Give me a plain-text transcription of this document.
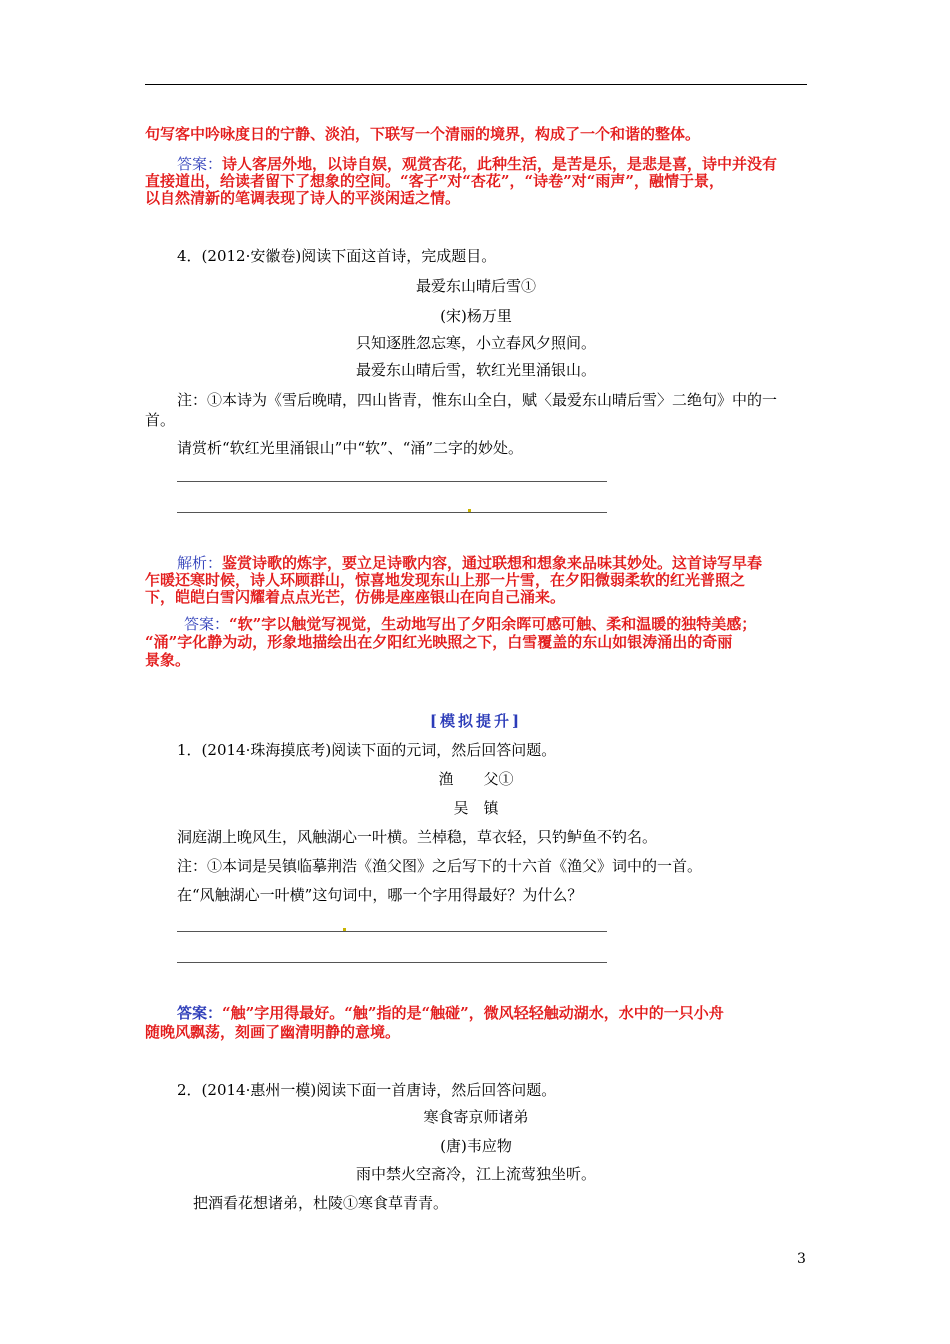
句写客中吟咏度日的宁静、淡泊，下联写一个清丽的境界，构成了一个和谐的整体。
答案：诗人客居外地，以诗自娱，观赏杏花，此种生活，是苦是乐，是悲是喜，诗中并没有
直接道出，给读者留下了想象的空间。“客子”对“杏花”，“诗卷”对“雨声”，融情于景，
以自然清新的笔调表现了诗人的平淡闲适之情。
4．(2012·安徽卷)阅读下面这首诗，完成题目。
最爱东山晴后雪①
(宋)杨万里
只知逐胜忽忘寒，小立春风夕照间。
最爱东山晴后雪，软红光里涌银山。
注：①本诗为《雪后晚晴，四山皆青，惟东山全白，赋〈最爱东山晴后雪〉二绝句》中的一
首。
请赏析“软红光里涌银山”中“软”、“涌”二字的妙处。
解析：鉴赏诗歌的炼字，要立足诗歌内容，通过联想和想象来品味其妙处。这首诗写早春
乍暖还寒时候，诗人环顾群山，惊喜地发现东山上那一片雪，在夕阳微弱柔软的红光普照之
下，皑皑白雪闪耀着点点光芒，仿佛是座座银山在向自己涌来。
答案：“软”字以触觉写视觉，生动地写出了夕阳余晖可感可触、柔和温暖的独特美感；
“涌”字化静为动，形象地描绘出在夕阳红光映照之下，白雪覆盖的东山如银涛涌出的奇丽
景象。
[模拟提升]
1．(2014·珠海摸底考)阅读下面的元词，然后回答问题。
渔　　父①
吴　镇
洞庭湖上晚风生，风触湖心一叶横。兰棹稳，草衣轻，只钓鲈鱼不钓名。
注：①本词是吴镇临摹荆浩《渔父图》之后写下的十六首《渔父》词中的一首。
在“风触湖心一叶横”这句词中，哪一个字用得最好？为什么？
答案：“触”字用得最好。“触”指的是“触碰”，微风轻轻触动湖水，水中的一只小舟
随晚风飘荡，刻画了幽清明静的意境。
2．(2014·惠州一模)阅读下面一首唐诗，然后回答问题。
寒食寄京师诸弟
(唐)韦应物
雨中禁火空斋冷，江上流莺独坐听。
把酒看花想诸弟，杜陵①寒食草青青。
3
